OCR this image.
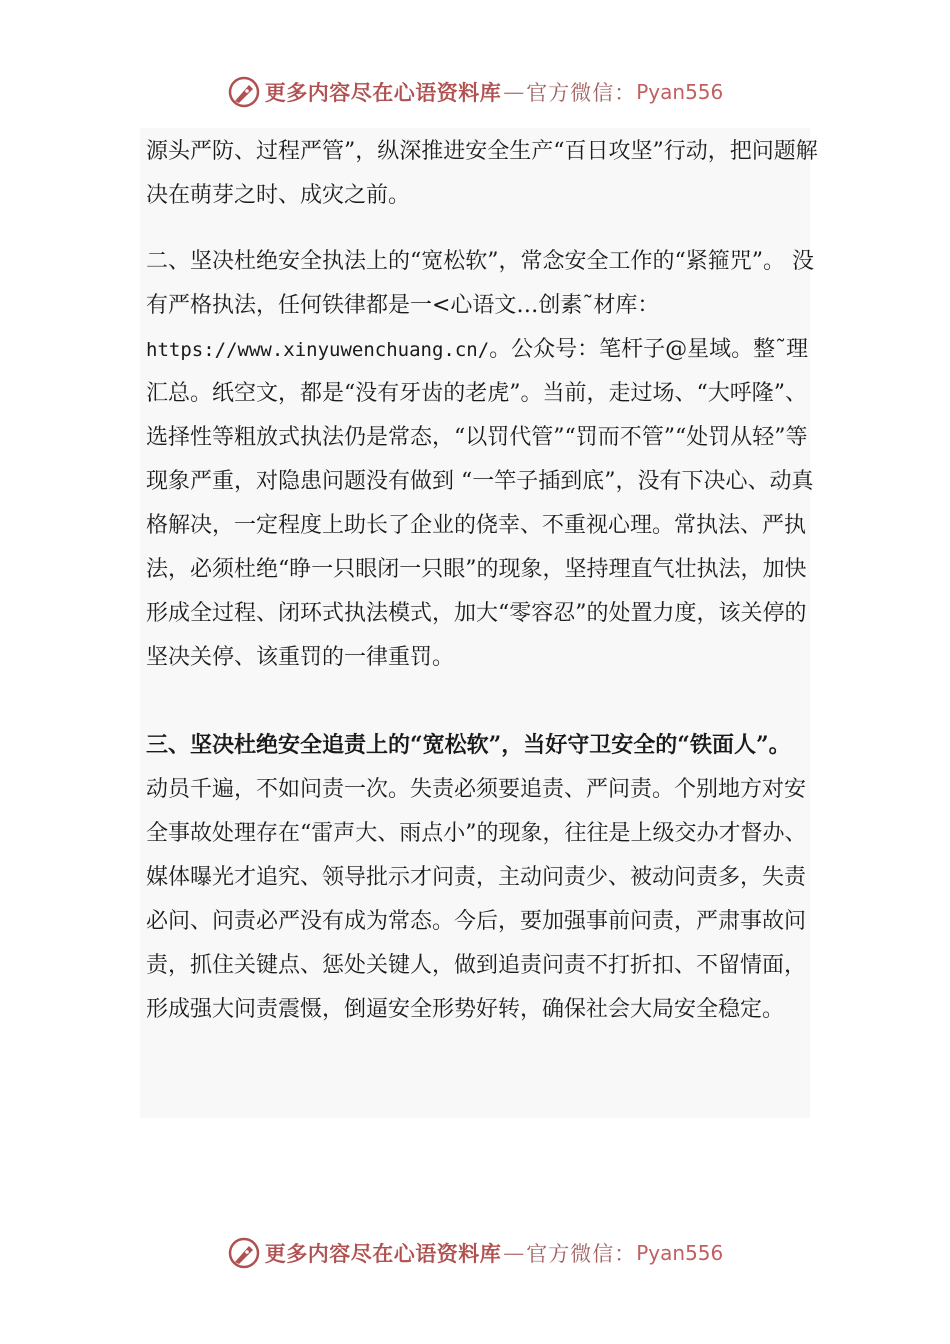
更多内容尽在心语资料库 — 官方微信： Pyan556

源头严防、过程严管”，纵深推进安全生产“百日攻坚”行动，把问题解决在萌芽之时、成灾之前。

二、坚决杜绝安全执法上的“宽松软”，常念安全工作的“紧箍咒”。 没有严格执法，任何铁律都是一<心语文…创素˜材库：https://www.xinyuwenchuang.cn/。公众号：笔杆子@星域。整˜理汇总。纸空文，都是“没有牙齿的老虎”。当前，走过场、“大呼隆”、选择性等粗放式执法仍是常态，“以罚代管”“罚而不管”“处罚从轻”等现象严重，对隐患问题没有做到 “一竿子插到底”，没有下决心、动真格解决，一定程度上助长了企业的侥幸、不重视心理。常执法、严执法，必须杜绝“睁一只眼闭一只眼”的现象，坚持理直气壮执法，加快形成全过程、闭环式执法模式，加大“零容忍”的处置力度，该关停的坚决关停、该重罚的一律重罚。

三、坚决杜绝安全追责上的“宽松软”，当好守卫安全的“铁面人”。

动员千遍，不如问责一次。失责必须要追责、严问责。个别地方对安全事故处理存在“雷声大、雨点小”的现象，往往是上级交办才督办、媒体曝光才追究、领导批示才问责，主动问责少、被动问责多，失责必问、问责必严没有成为常态。今后，要加强事前问责，严肃事故问责，抓住关键点、惩处关键人，做到追责问责不打折扣、不留情面，形成强大问责震慑，倒逼安全形势好转，确保社会大局安全稳定。

更多内容尽在心语资料库 — 官方微信： Pyan556
